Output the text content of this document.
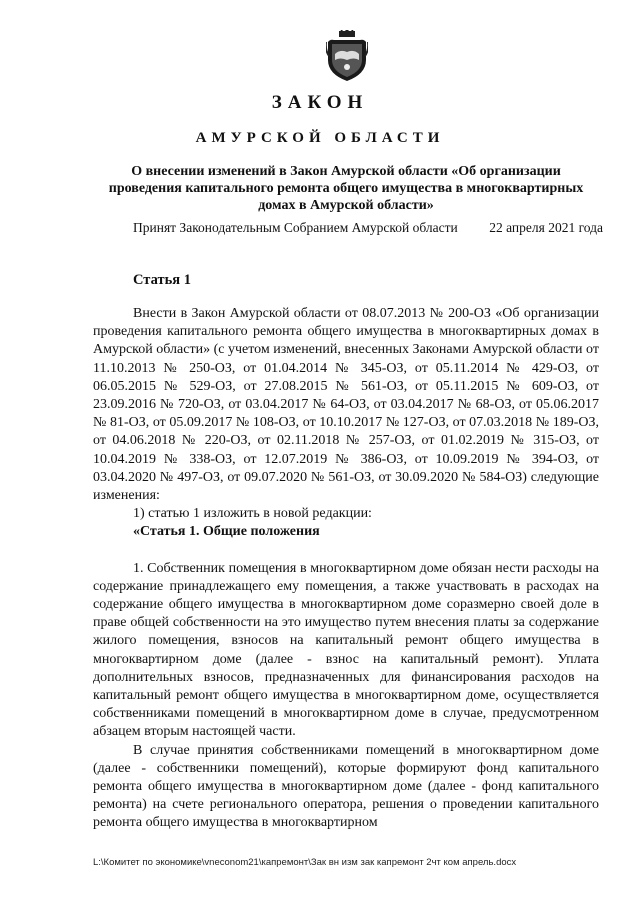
ЗАКОН
АМУРСКОЙ ОБЛАСТИ
О внесении изменений в Закон Амурской области «Об организации проведения капитального ремонта общего имущества в многоквартирных домах в Амурской области»
Принят Законодательным Собранием Амурской области 22 апреля 2021 года
Статья 1

Внести в Закон Амурской области от 08.07.2013 № 200-ОЗ «Об организации проведения капитального ремонта общего имущества в многоквартирных домах в Амурской области» (с учетом изменений, внесенных Законами Амурской области от 11.10.2013 № 250-ОЗ, от 01.04.2014 № 345-ОЗ, от 05.11.2014 № 429-ОЗ, от 06.05.2015 № 529-ОЗ, от 27.08.2015 № 561-ОЗ, от 05.11.2015 № 609-ОЗ, от 23.09.2016 № 720-ОЗ, от 03.04.2017 № 64-ОЗ, от 03.04.2017 № 68-ОЗ, от 05.06.2017 № 81-ОЗ, от 05.09.2017 № 108-ОЗ, от 10.10.2017 № 127-ОЗ, от 07.03.2018 № 189-ОЗ, от 04.06.2018 № 220-ОЗ, от 02.11.2018 № 257-ОЗ, от 01.02.2019 № 315-ОЗ, от 10.04.2019 № 338-ОЗ, от 12.07.2019 № 386-ОЗ, от 10.09.2019 № 394-ОЗ, от 03.04.2020 № 497-ОЗ, от 09.07.2020 № 561-ОЗ, от 30.09.2020 № 584-ОЗ) следующие изменения:

1) статью 1 изложить в новой редакции:

«Статья 1. Общие положения

1. Собственник помещения в многоквартирном доме обязан нести расходы на содержание принадлежащего ему помещения, а также участвовать в расходах на содержание общего имущества в многоквартирном доме соразмерно своей доле в праве общей собственности на это имущество путем внесения платы за содержание жилого помещения, взносов на капитальный ремонт общего имущества в многоквартирном доме (далее - взнос на капитальный ремонт). Уплата дополнительных взносов, предназначенных для финансирования расходов на капитальный ремонт общего имущества в многоквартирном доме, осуществляется собственниками помещений в многоквартирном доме в случае, предусмотренном абзацем вторым настоящей части.

В случае принятия собственниками помещений в многоквартирном доме (далее - собственники помещений), которые формируют фонд капитального ремонта общего имущества в многоквартирном доме (далее - фонд капитального ремонта) на счете регионального оператора, решения о проведении капитального ремонта общего имущества в многоквартирном

L:\Комитет по экономике\vneconom21\капремонт\Зак вн изм зак капремонт 2чт ком апрель.docx
